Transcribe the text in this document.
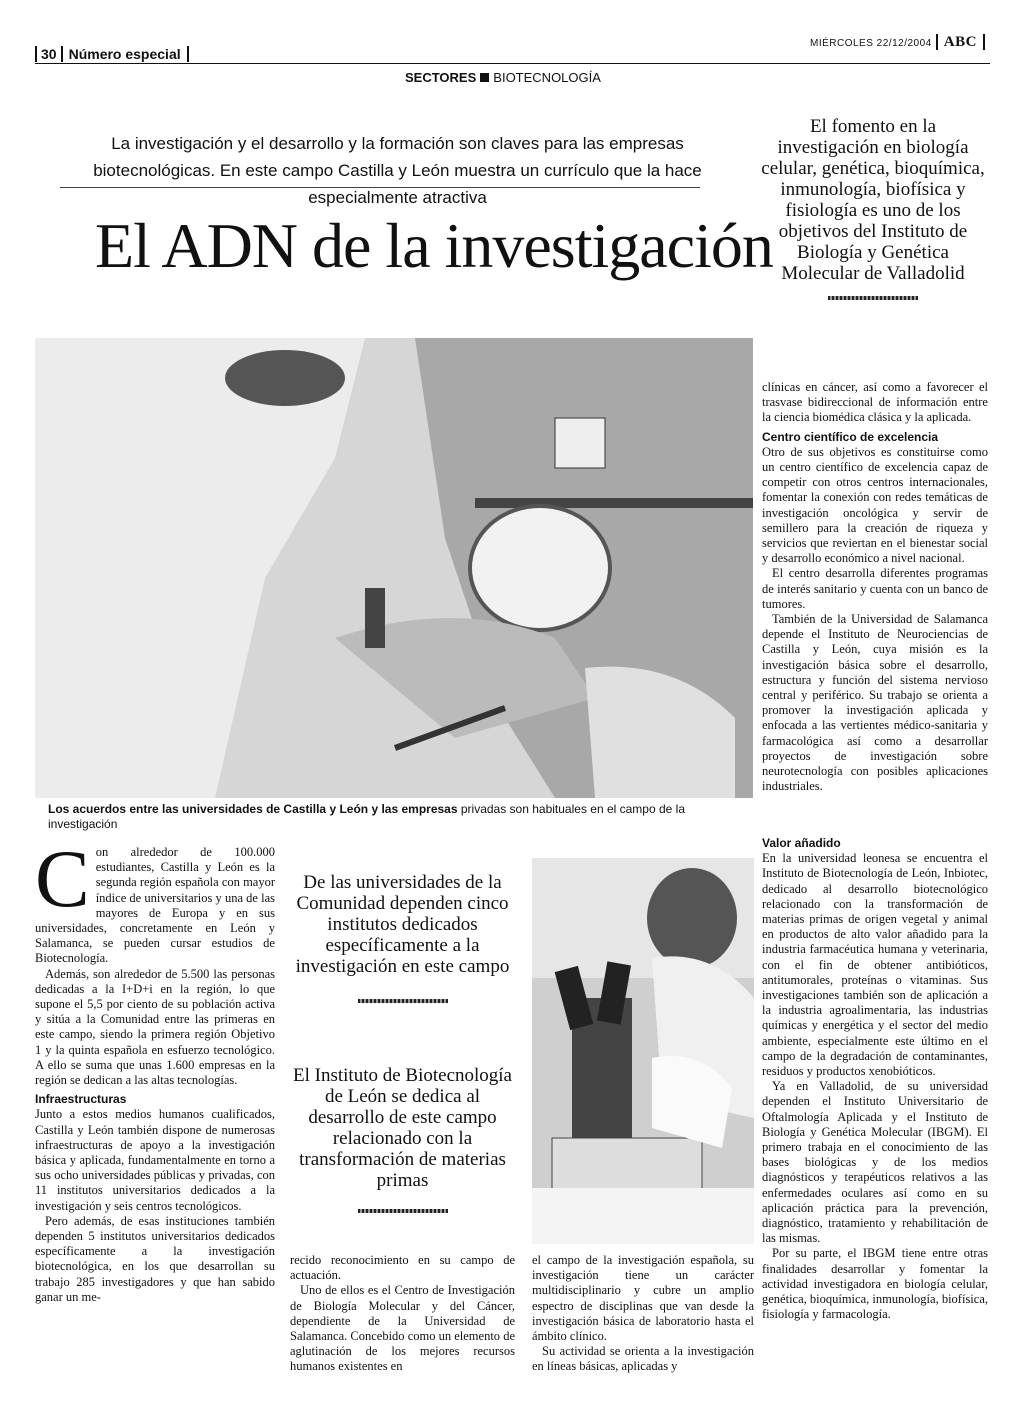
30 Número especial
MIÉRCOLES 22/12/2004 ABC
SECTORES BIOTECNOLOGÍA
La investigación y el desarrollo y la formación son claves para las empresas biotecnológicas. En este campo Castilla y León muestra un currículo que la hace especialmente atractiva
El ADN de la investigación
El fomento en la investigación en biología celular, genética, bioquímica, inmunología, biofísica y fisiología es uno de los objetivos del Instituto de Biología y Genética Molecular de Valladolid
Los acuerdos entre las universidades de Castilla y León y las empresas privadas son habituales en el campo de la investigación

clínicas en cáncer, así como a favorecer el trasvase bidireccional de información entre la ciencia biomédica clásica y la aplicada.

Centro científico de excelencia

Otro de sus objetivos es constituirse como un centro científico de excelencia capaz de competir con otros centros internacionales, fomentar la conexión con redes temáticas de investigación oncológica y servir de semillero para la creación de riqueza y servicios que reviertan en el bienestar social y desarrollo económico a nivel nacional.

El centro desarrolla diferentes programas de interés sanitario y cuenta con un banco de tumores.

También de la Universidad de Salamanca depende el Instituto de Neurociencias de Castilla y León, cuya misión es la investigación básica sobre el desarrollo, estructura y función del sistema nervioso central y periférico. Su trabajo se orienta a promover la investigación aplicada y enfocada a las vertientes médico-sanitaria y farmacológica así como a desarrollar proyectos de investigación sobre neurotecnología con posibles aplicaciones industriales.

Valor añadido

En la universidad leonesa se encuentra el Instituto de Biotecnología de León, Inbiotec, dedicado al desarrollo biotecnológico relacionado con la transformación de materias primas de origen vegetal y animal en productos de alto valor añadido para la industria farmacéutica humana y veterinaria, con el fin de obtener antibióticos, antitumorales, proteínas o vitaminas. Sus investigaciones también son de aplicación a la industria agroalimentaria, las industrias químicas y energética y el sector del medio ambiente, especialmente este último en el campo de la degradación de contaminantes, residuos y productos xenobióticos.

Ya en Valladolid, de su universidad dependen el Instituto Universitario de Oftalmología Aplicada y el Instituto de Biología y Genética Molecular (IBGM). El primero trabaja en el conocimiento de las bases biológicas y de los medios diagnósticos y terapéuticos relativos a las enfermedades oculares así como en su aplicación práctica para la prevención, diagnóstico, tratamiento y rehabilitación de las mismas.

Por su parte, el IBGM tiene entre otras finalidades desarrollar y fomentar la actividad investigadora en biología celular, genética, bioquímica, inmunología, biofísica, fisiología y farmacología.

Con alrededor de 100.000 estudiantes, Castilla y León es la segunda región española con mayor índice de universitarios y una de las mayores de Europa y en sus universidades, concretamente en León y Salamanca, se pueden cursar estudios de Biotecnología.

Además, son alrededor de 5.500 las personas dedicadas a la I+D+i en la región, lo que supone el 5,5 por ciento de su población activa y sitúa a la Comunidad entre las primeras en este campo, siendo la primera región Objetivo 1 y la quinta española en esfuerzo tecnológico. A ello se suma que unas 1.600 empresas en la región se dedican a las altas tecnologías.

Infraestructuras

Junto a estos medios humanos cualificados, Castilla y León también dispone de numerosas infraestructuras de apoyo a la investigación básica y aplicada, fundamentalmente en torno a sus ocho universidades públicas y privadas, con 11 institutos universitarios dedicados a la investigación y seis centros tecnológicos.

Pero además, de esas instituciones también dependen 5 institutos universitarios dedicados específicamente a la investigación biotecnológica, en los que desarrollan su trabajo 285 investigadores y que han sabido ganar un me-

De las universidades de la Comunidad dependen cinco institutos dedicados específicamente a la investigación en este campo
El Instituto de Biotecnología de León se dedica al desarrollo de este campo relacionado con la transformación de materias primas

recido reconocimiento en su campo de actuación.

Uno de ellos es el Centro de Investigación de Biología Molecular y del Cáncer, dependiente de la Universidad de Salamanca. Concebido como un elemento de aglutinación de los mejores recursos humanos existentes en

el campo de la investigación española, su investigación tiene un carácter multidisciplinario y cubre un amplio espectro de disciplinas que van desde la investigación básica de laboratorio hasta el ámbito clínico.

Su actividad se orienta a la investigación en líneas básicas, aplicadas y
